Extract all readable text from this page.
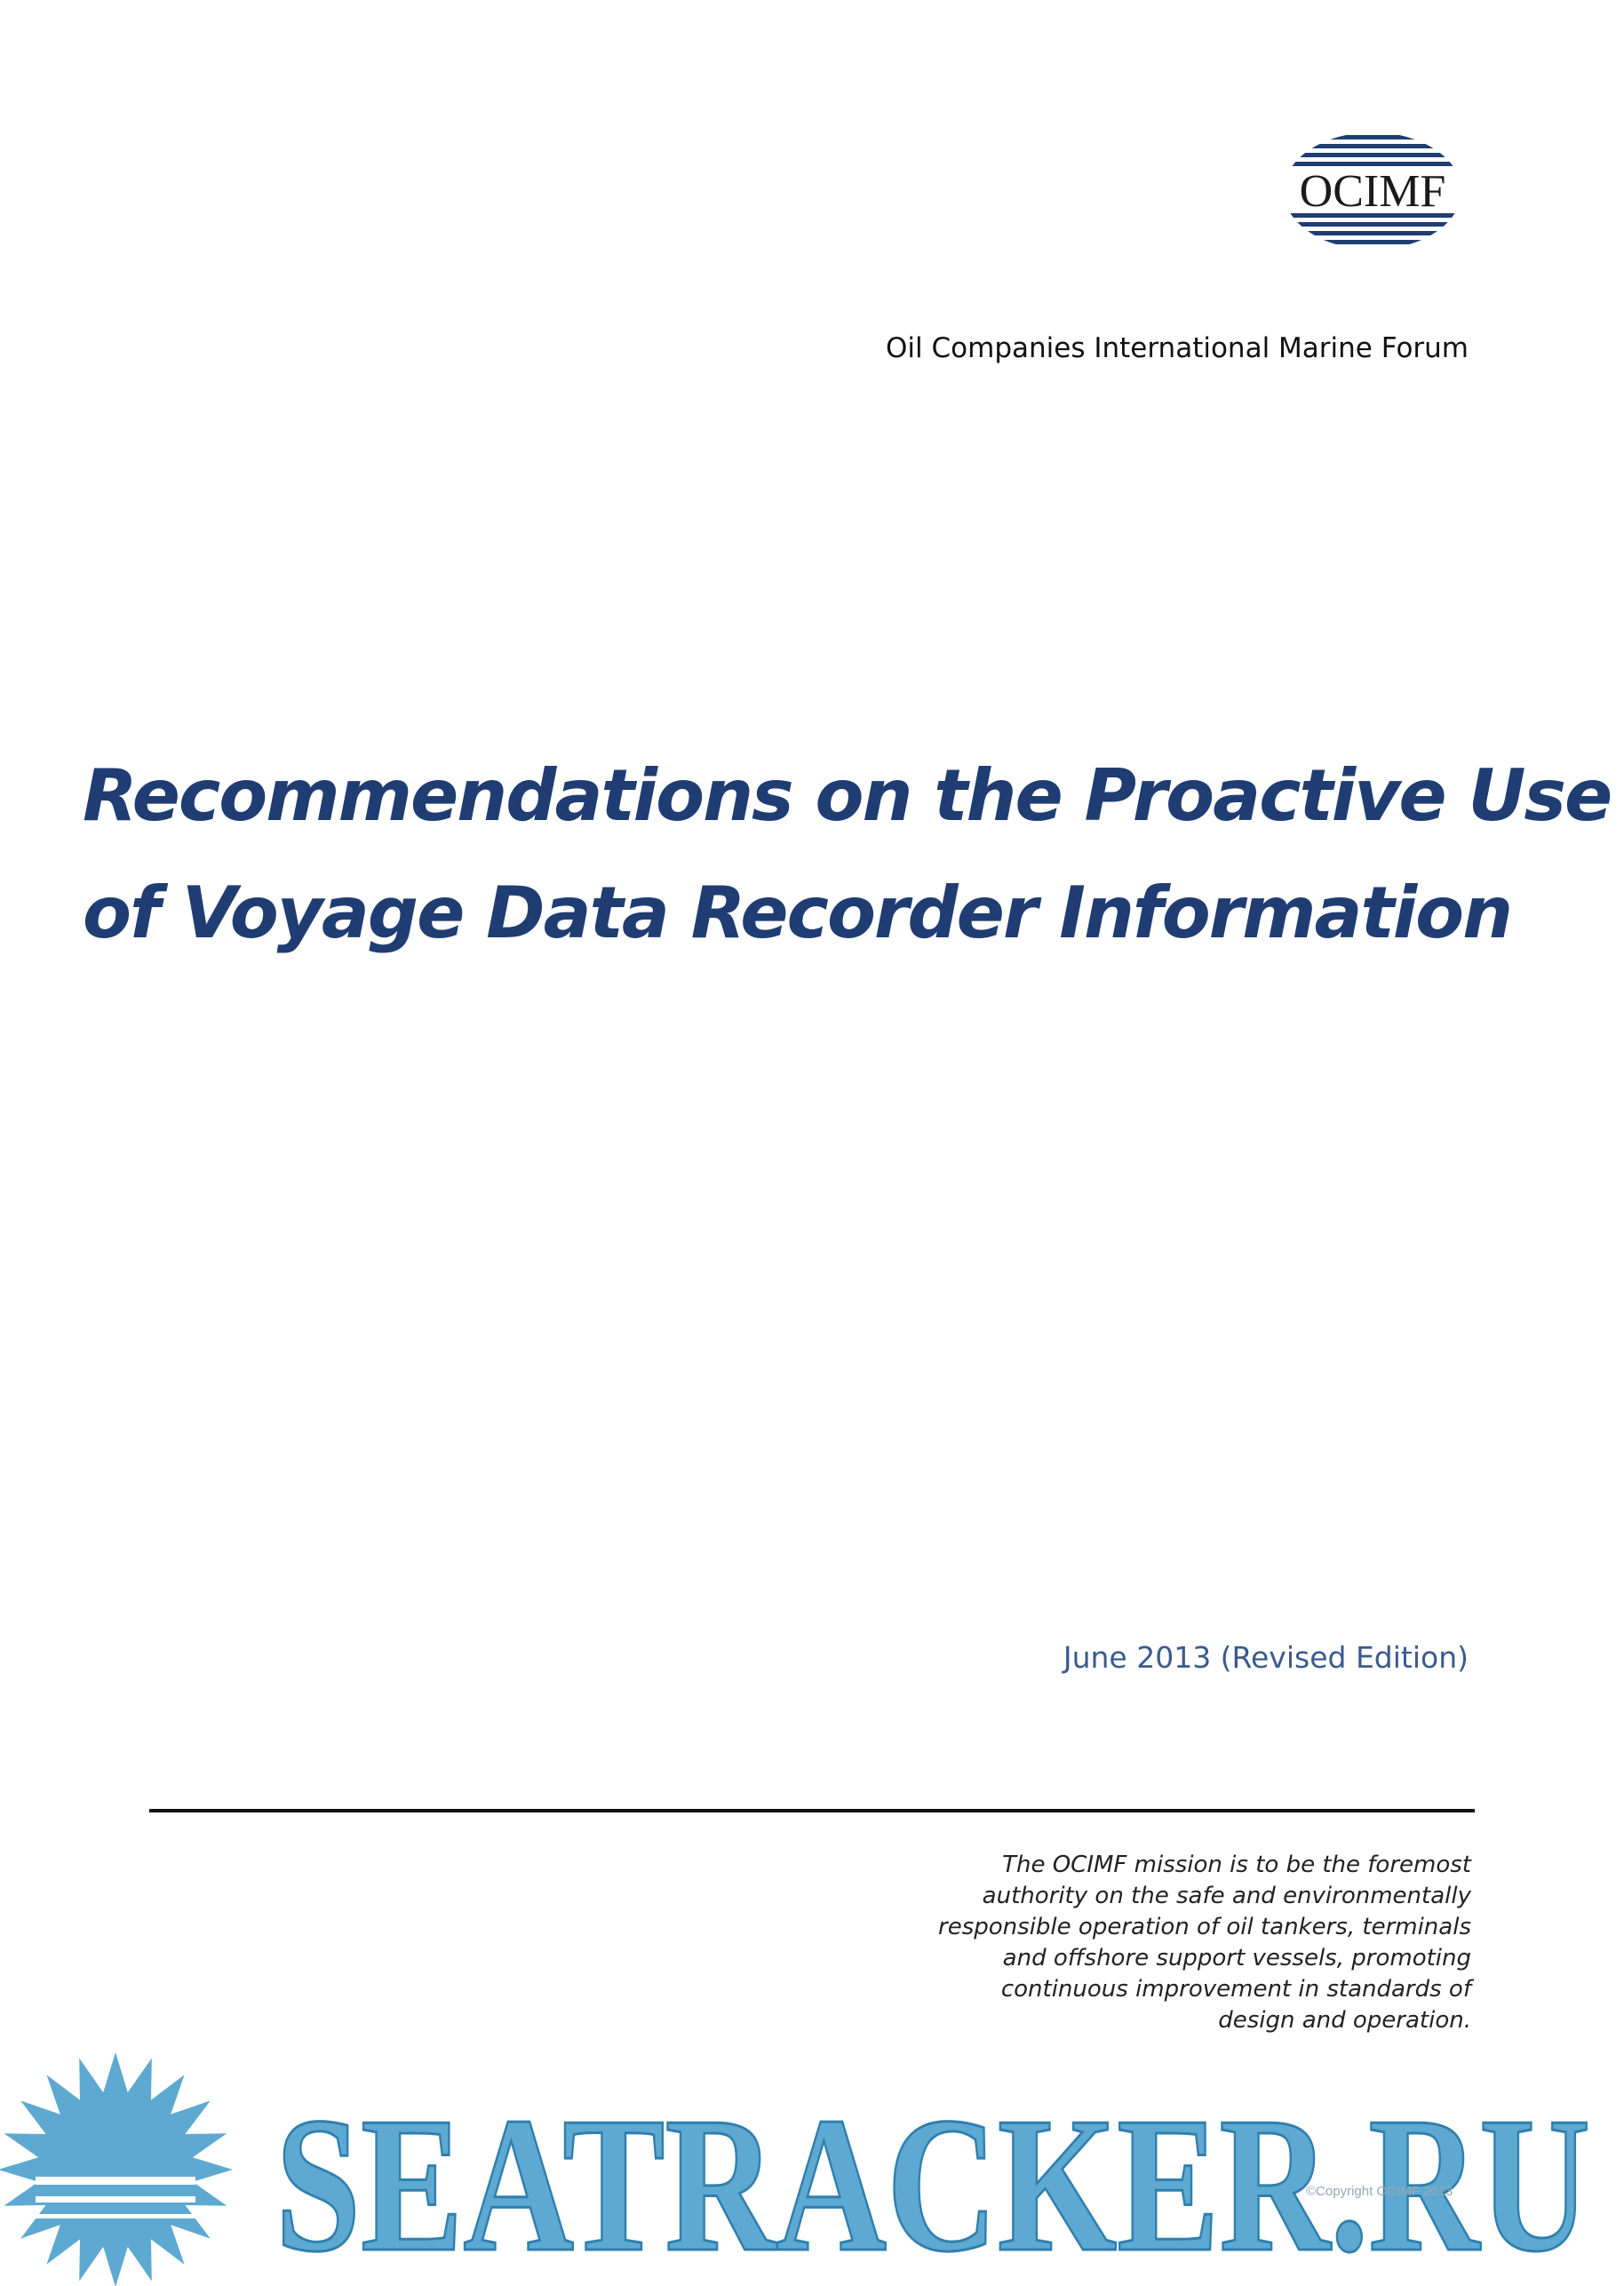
OCIMF
Oil Companies International Marine Forum
Recommendations on the Proactive Use
of Voyage Data Recorder Information
June 2013 (Revised Edition)
The OCIMF mission is to be the foremost
authority on the safe and environmentally
responsible operation of oil tankers, terminals
and offshore support vessels, promoting
continuous improvement in standards of
design and operation.
SEATRACKER.RU
©Copyright OCIMF 2013
